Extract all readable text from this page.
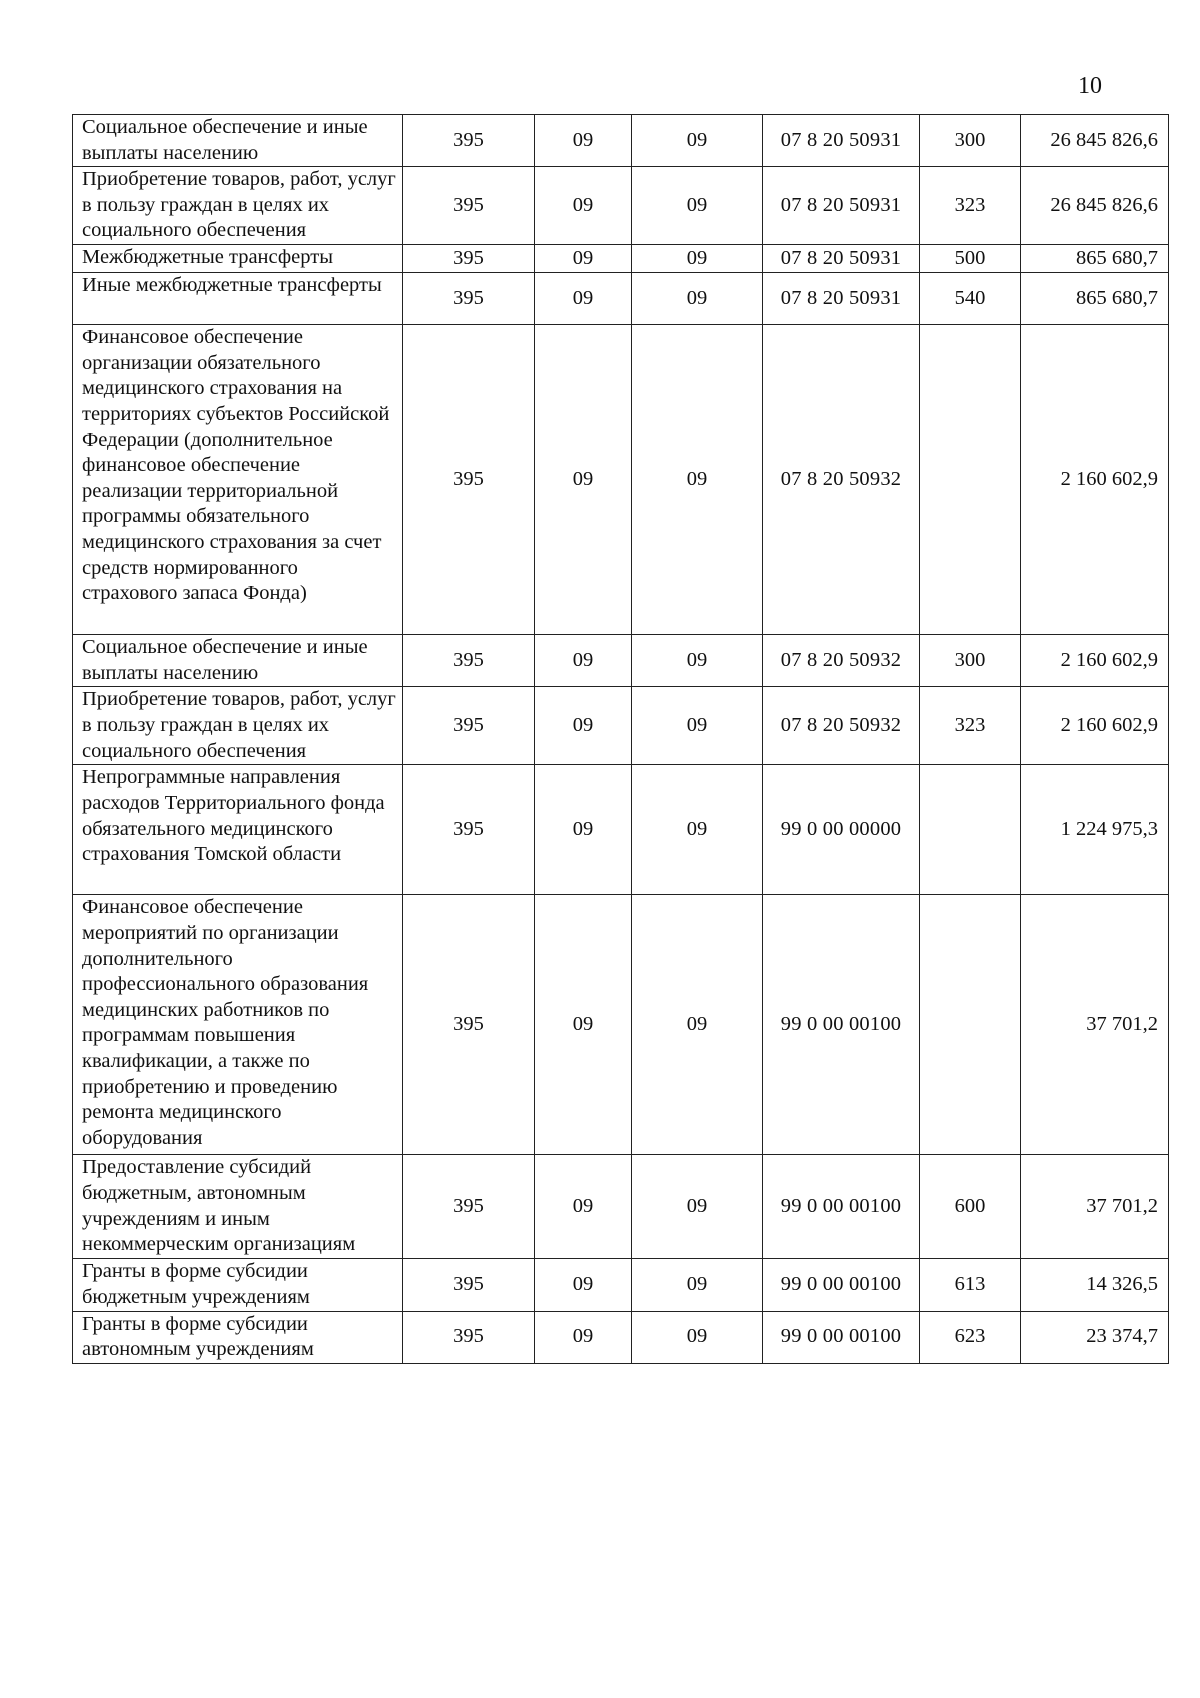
10
Социальное обеспечение и иные выплаты населению	395	09	09	07 8 20 50931	300	26 845 826,6
Приобретение товаров, работ, услуг в пользу граждан в целях их социального обеспечения	395	09	09	07 8 20 50931	323	26 845 826,6
Межбюджетные трансферты	395	09	09	07 8 20 50931	500	865 680,7
Иные межбюджетные трансферты	395	09	09	07 8 20 50931	540	865 680,7
Финансовое обеспечение организации обязательного медицинского страхования на территориях субъектов Российской Федерации (дополнительное финансовое обеспечение реализации территориальной программы обязательного медицинского страхования за счет средств нормированного страхового запаса Фонда)	395	09	09	07 8 20 50932		2 160 602,9
Социальное обеспечение и иные выплаты населению	395	09	09	07 8 20 50932	300	2 160 602,9
Приобретение товаров, работ, услуг в пользу граждан в целях их социального обеспечения	395	09	09	07 8 20 50932	323	2 160 602,9
Непрограммные направления расходов Территориального фонда обязательного медицинского страхования Томской области	395	09	09	99 0 00 00000		1 224 975,3
Финансовое обеспечение мероприятий по организации дополнительного профессионального образования медицинских работников по программам повышения квалификации, а также по приобретению и проведению ремонта медицинского оборудования	395	09	09	99 0 00 00100		37 701,2
Предоставление субсидий бюджетным, автономным учреждениям и иным некоммерческим организациям	395	09	09	99 0 00 00100	600	37 701,2
Гранты в форме субсидии бюджетным учреждениям	395	09	09	99 0 00 00100	613	14 326,5
Гранты в форме субсидии автономным учреждениям	395	09	09	99 0 00 00100	623	23 374,7
